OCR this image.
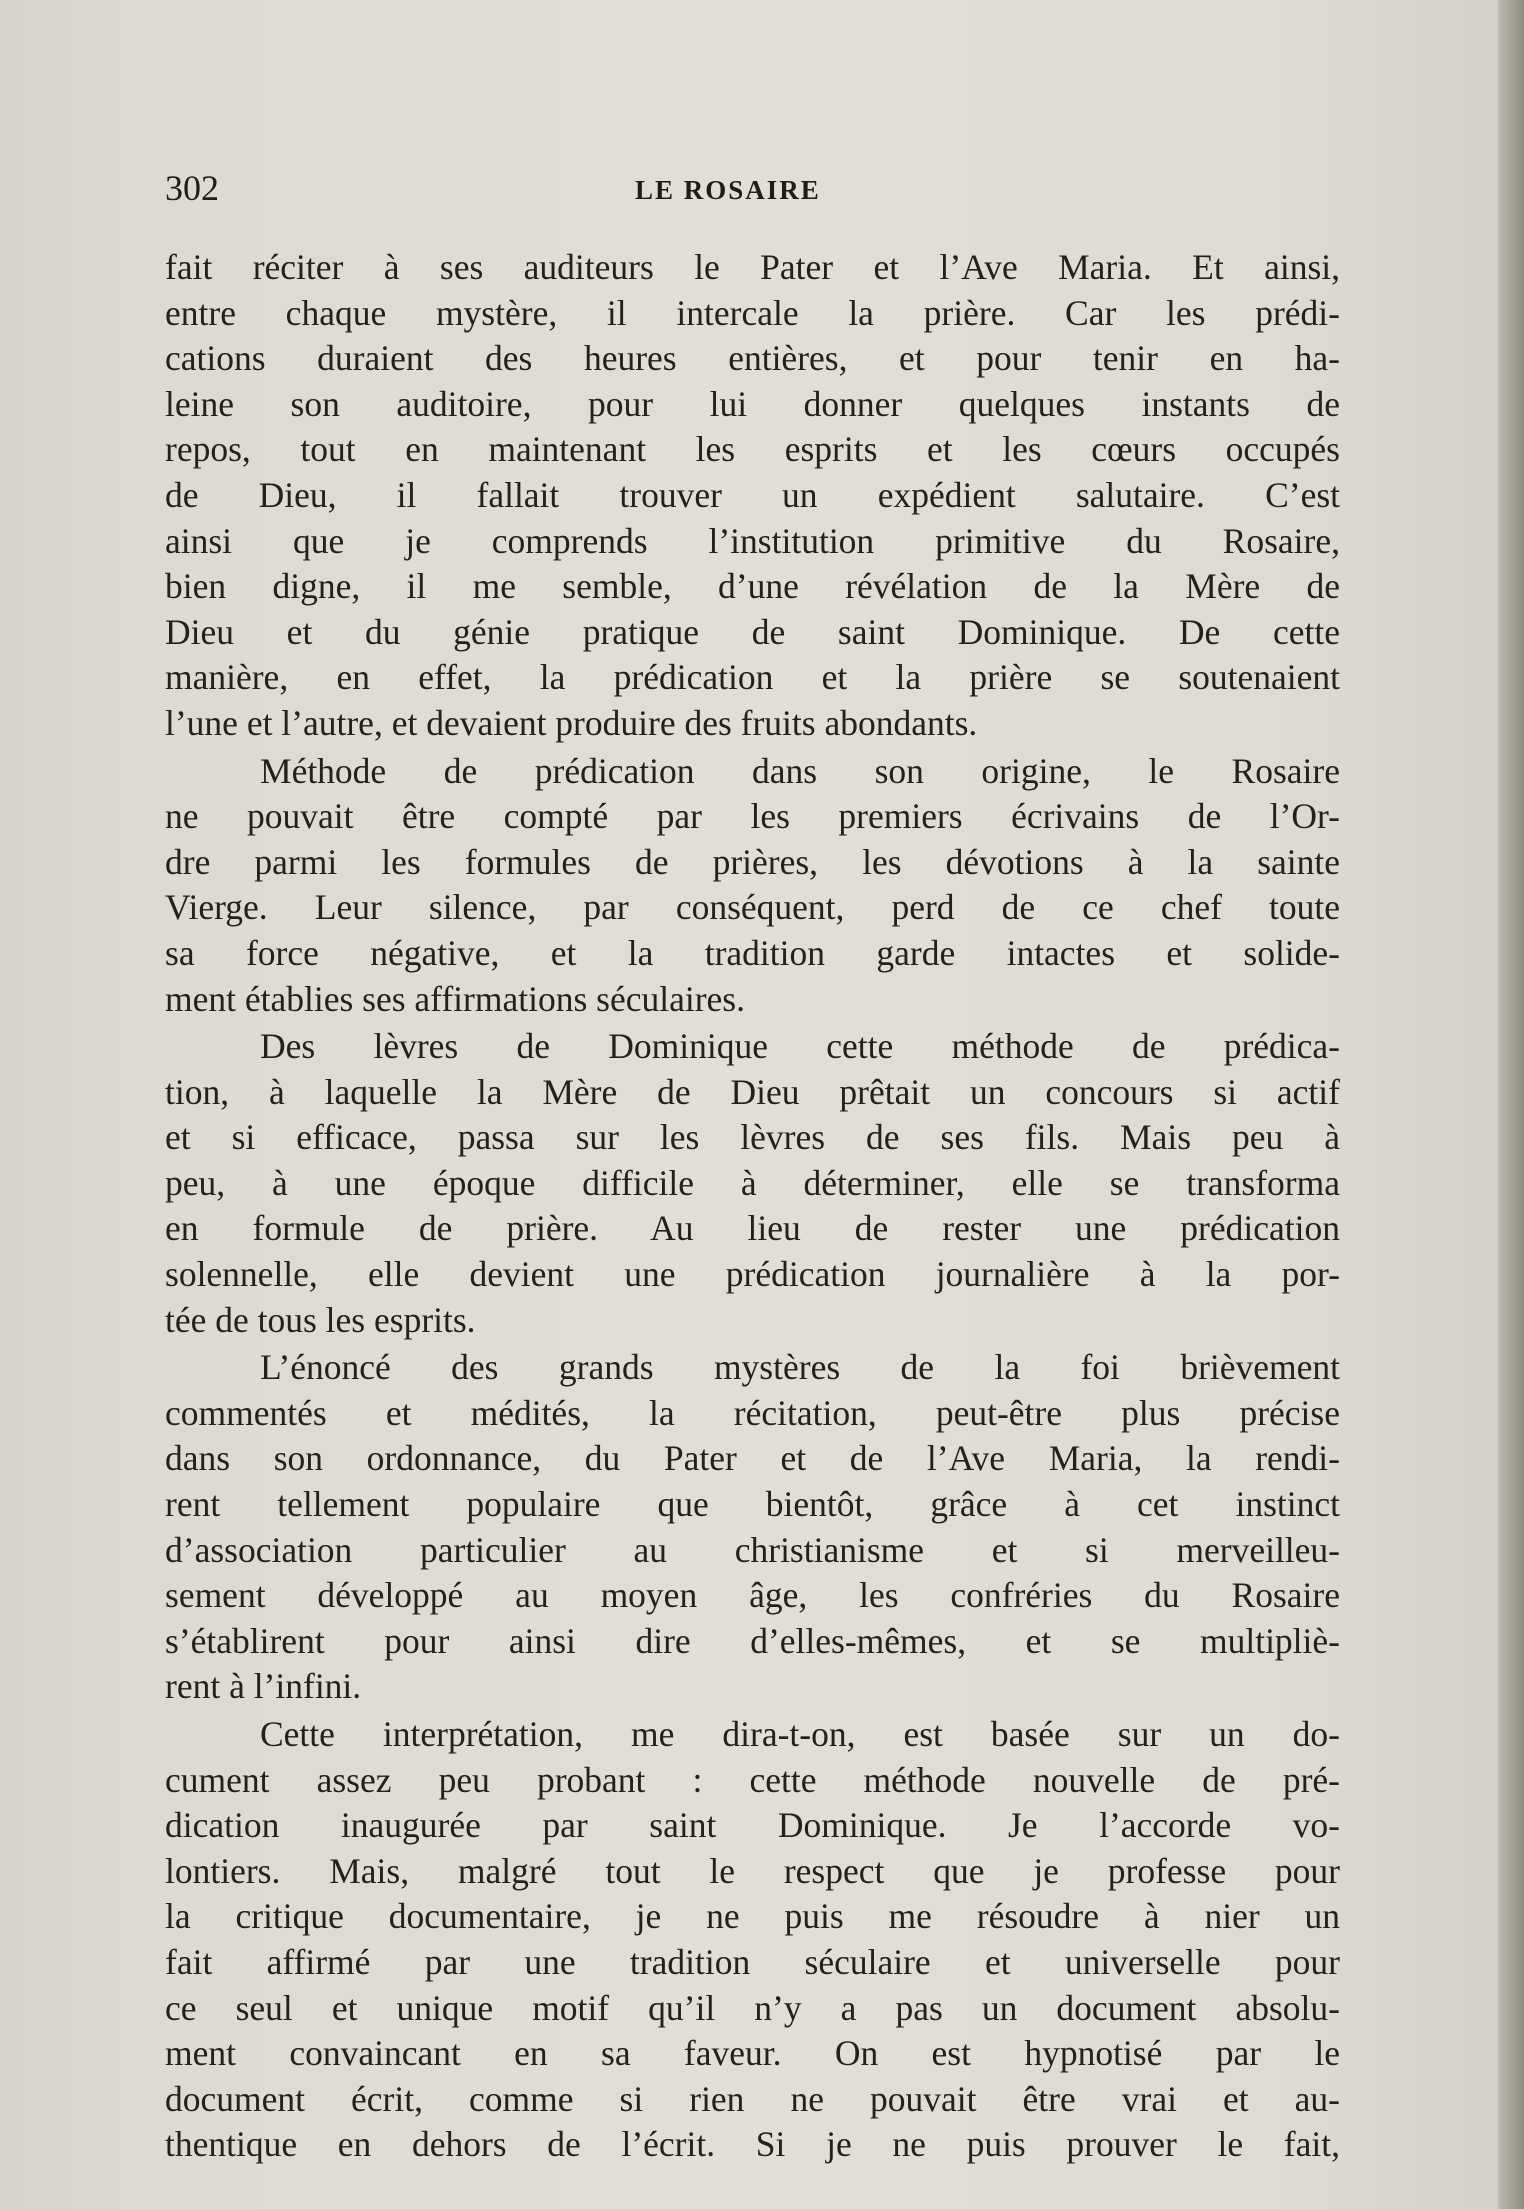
302	LE ROSAIRE
fait réciter à ses auditeurs le Pater et l’Ave Maria. Et ainsi,
entre chaque mystère, il intercale la prière. Car les prédi-
cations duraient des heures entières, et pour tenir en ha-
leine son auditoire, pour lui donner quelques instants de
repos, tout en maintenant les esprits et les cœurs occupés
de Dieu, il fallait trouver un expédient salutaire. C’est
ainsi que je comprends l’institution primitive du Rosaire,
bien digne, il me semble, d’une révélation de la Mère de
Dieu et du génie pratique de saint Dominique. De cette
manière, en effet, la prédication et la prière se soutenaient
l’une et l’autre, et devaient produire des fruits abondants.
Méthode de prédication dans son origine, le Rosaire
ne pouvait être compté par les premiers écrivains de l’Or-
dre parmi les formules de prières, les dévotions à la sainte
Vierge. Leur silence, par conséquent, perd de ce chef toute
sa force négative, et la tradition garde intactes et solide-
ment établies ses affirmations séculaires.
Des lèvres de Dominique cette méthode de prédica-
tion, à laquelle la Mère de Dieu prêtait un concours si actif
et si efficace, passa sur les lèvres de ses fils. Mais peu à
peu, à une époque difficile à déterminer, elle se transforma
en formule de prière. Au lieu de rester une prédication
solennelle, elle devient une prédication journalière à la por-
tée de tous les esprits.
L’énoncé des grands mystères de la foi brièvement
commentés et médités, la récitation, peut-être plus précise
dans son ordonnance, du Pater et de l’Ave Maria, la rendi-
rent tellement populaire que bientôt, grâce à cet instinct
d’association particulier au christianisme et si merveilleu-
sement développé au moyen âge, les confréries du Rosaire
s’établirent pour ainsi dire d’elles-mêmes, et se multipliè-
rent à l’infini.
Cette interprétation, me dira-t-on, est basée sur un do-
cument assez peu probant : cette méthode nouvelle de pré-
dication inaugurée par saint Dominique. Je l’accorde vo-
lontiers. Mais, malgré tout le respect que je professe pour
la critique documentaire, je ne puis me résoudre à nier un
fait affirmé par une tradition séculaire et universelle pour
ce seul et unique motif qu’il n’y a pas un document absolu-
ment convaincant en sa faveur. On est hypnotisé par le
document écrit, comme si rien ne pouvait être vrai et au-
thentique en dehors de l’écrit. Si je ne puis prouver le fait,
